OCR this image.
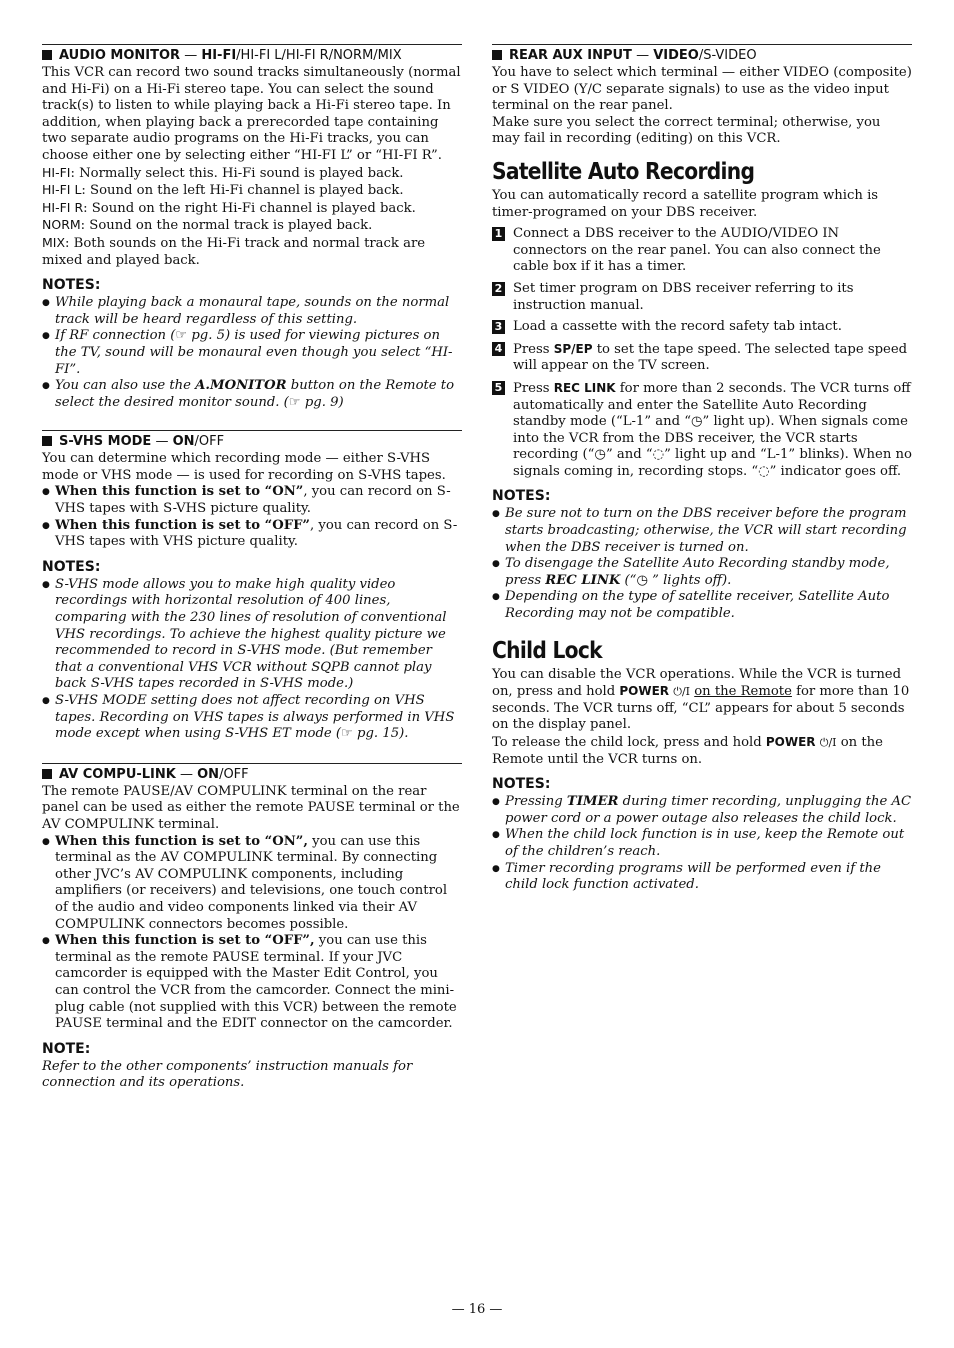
AUDIO MONITOR — HI-FI/HI-FI L/HI-FI R/NORM/MIX

This VCR can record two sound tracks simultaneously (normal and Hi-Fi) on a Hi-Fi stereo tape. You can select the sound track(s) to listen to while playing back a Hi-Fi stereo tape. In addition, when playing back a prerecorded tape containing two separate audio programs on the Hi-Fi tracks, you can choose either one by selecting either “HI-FI L” or “HI-FI R”.

HI-FI: Normally select this. Hi-Fi sound is played back.

HI-FI L: Sound on the left Hi-Fi channel is played back.

HI-FI R: Sound on the right Hi-Fi channel is played back.

NORM: Sound on the normal track is played back.

MIX: Both sounds on the Hi-Fi track and normal track are mixed and played back.

NOTES:

● While playing back a monaural tape, sounds on the normal track will be heard regardless of this setting.

● If RF connection (☞ pg. 5) is used for viewing pictures on the TV, sound will be monaural even though you select “HI-FI”.

● You can also use the A.MONITOR button on the Remote to select the desired monitor sound. (☞ pg. 9)

S-VHS MODE — ON/OFF

You can determine which recording mode — either S-VHS mode or VHS mode — is used for recording on S-VHS tapes.

● When this function is set to “ON”, you can record on S-VHS tapes with S-VHS picture quality.

● When this function is set to “OFF”, you can record on S-VHS tapes with VHS picture quality.

NOTES:

● S-VHS mode allows you to make high quality video recordings with horizontal resolution of 400 lines, comparing with the 230 lines of resolution of conventional VHS recordings. To achieve the highest quality picture we recommended to record in S-VHS mode. (But remember that a conventional VHS VCR without SQPB cannot play back S-VHS tapes recorded in S-VHS mode.)

● S-VHS MODE setting does not affect recording on VHS tapes. Recording on VHS tapes is always performed in VHS mode except when using S-VHS ET mode (☞ pg. 15).

AV COMPU-LINK — ON/OFF

The remote PAUSE/AV COMPULINK terminal on the rear panel can be used as either the remote PAUSE terminal or the AV COMPULINK terminal.

● When this function is set to “ON”, you can use this terminal as the AV COMPULINK terminal. By connecting other JVC’s AV COMPULINK components, including amplifiers (or receivers) and televisions, one touch control of the audio and video components linked via their AV COMPULINK connectors becomes possible.

● When this function is set to “OFF”, you can use this terminal as the remote PAUSE terminal. If your JVC camcorder is equipped with the Master Edit Control, you can control the VCR from the camcorder. Connect the mini-plug cable (not supplied with this VCR) between the remote PAUSE terminal and the EDIT connector on the camcorder.

NOTE:

Refer to the other components’ instruction manuals for connection and its operations.

REAR AUX INPUT — VIDEO/S-VIDEO

You have to select which terminal — either VIDEO (composite) or S VIDEO (Y/C separate signals) to use as the video input terminal on the rear panel.

Make sure you select the correct terminal; otherwise, you may fail in recording (editing) on this VCR.

Satellite Auto Recording

You can automatically record a satellite program which is timer-programed on your DBS receiver.

1 Connect a DBS receiver to the AUDIO/VIDEO IN connectors on the rear panel. You can also connect the cable box if it has a timer.
2 Set timer program on DBS receiver referring to its instruction manual.
3 Load a cassette with the record safety tab intact.
4 Press SP/EP to set the tape speed. The selected tape speed will appear on the TV screen.
5 Press REC LINK for more than 2 seconds. The VCR turns off automatically and enter the Satellite Auto Recording standby mode (“L-1” and “◷” light up). When signals come into the VCR from the DBS receiver, the VCR starts recording (“◷” and “◌” light up and “L-1” blinks). When no signals coming in, recording stops. “◌” indicator goes off.
NOTES:

● Be sure not to turn on the DBS receiver before the program starts broadcasting; otherwise, the VCR will start recording when the DBS receiver is turned on.

● To disengage the Satellite Auto Recording standby mode, press REC LINK (“◷ ” lights off).

● Depending on the type of satellite receiver, Satellite Auto Recording may not be compatible.

Child Lock

You can disable the VCR operations. While the VCR is turned on, press and hold POWER ⏻/I on the Remote for more than 10 seconds. The VCR turns off, “CL” appears for about 5 seconds on the display panel.

To release the child lock, press and hold POWER ⏻/I on the Remote until the VCR turns on.

NOTES:

● Pressing TIMER during timer recording, unplugging the AC power cord or a power outage also releases the child lock.

● When the child lock function is in use, keep the Remote out of the children’s reach.

● Timer recording programs will be performed even if the child lock function activated.

— 16 —
